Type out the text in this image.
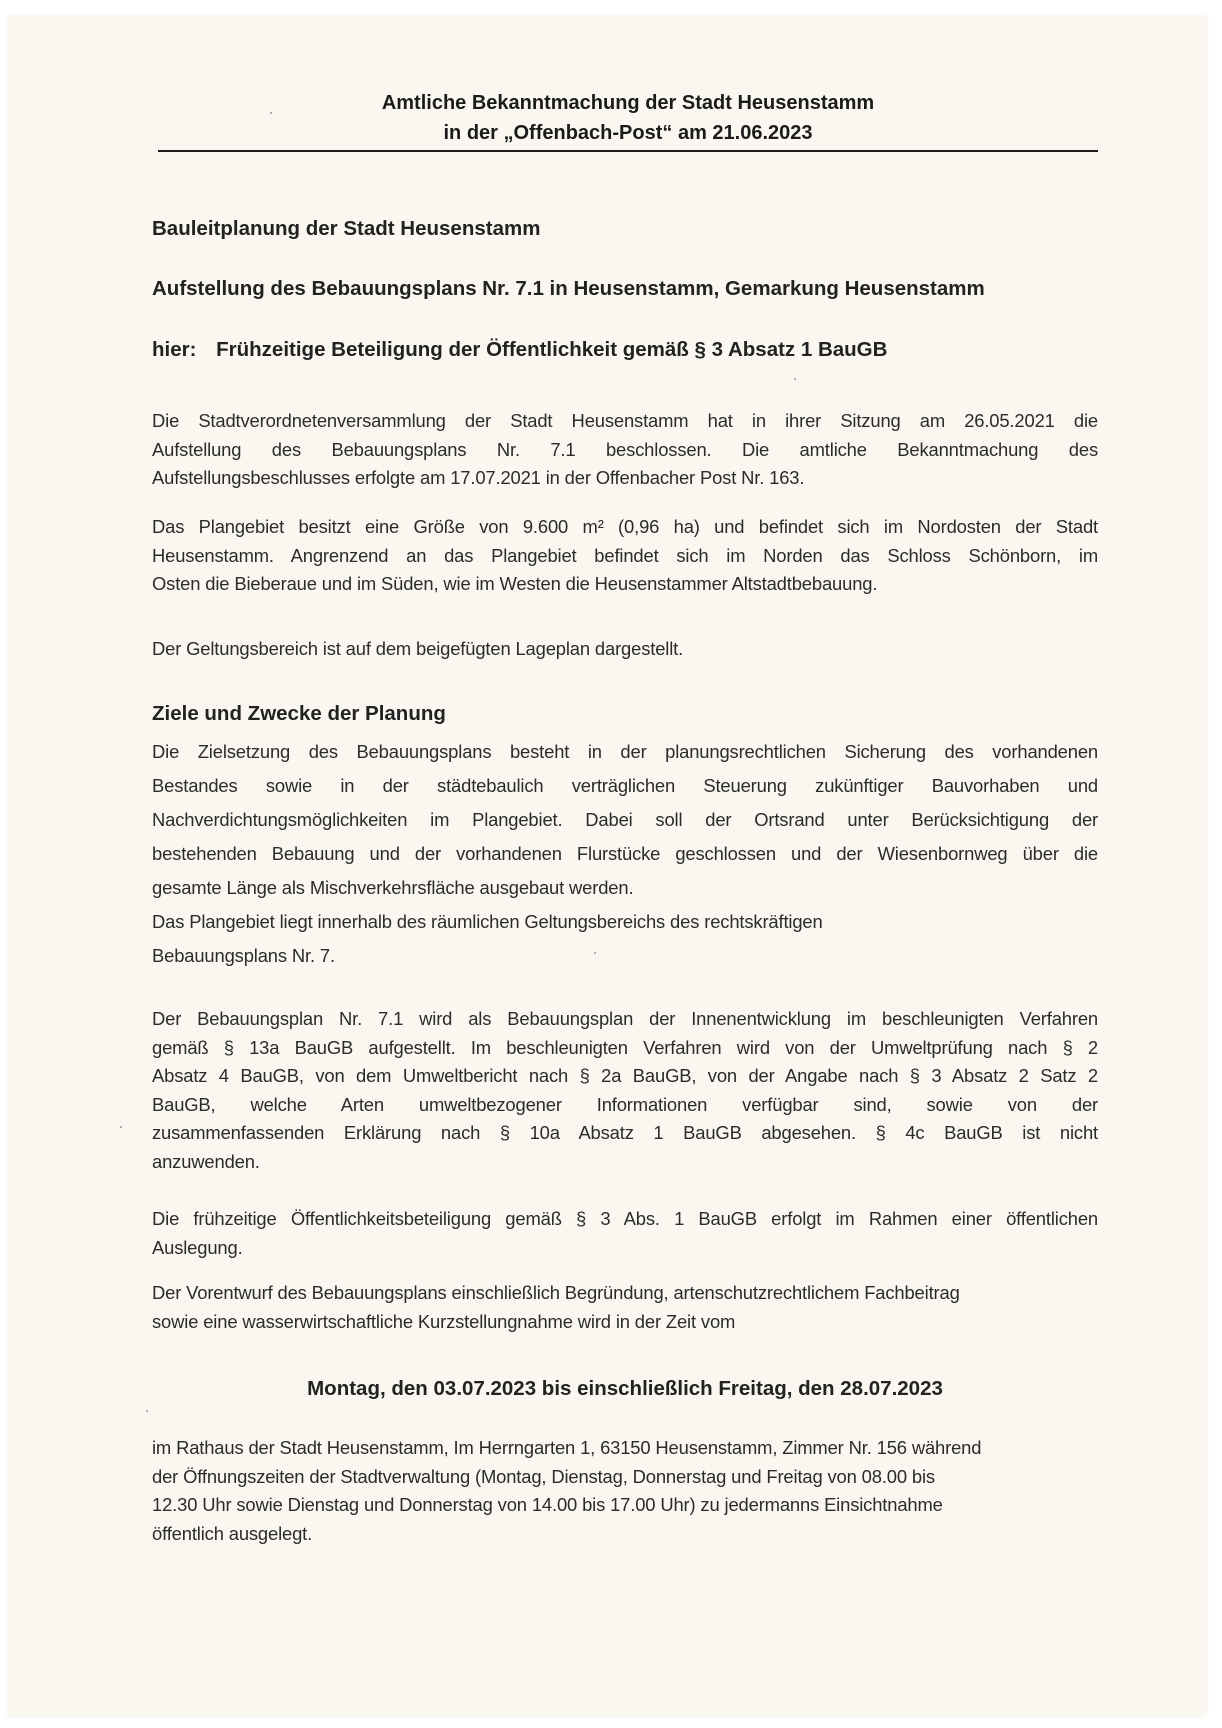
Amtliche Bekanntmachung der Stadt Heusenstamm
in der „Offenbach-Post“ am 21.06.2023
Bauleitplanung der Stadt Heusenstamm
Aufstellung des Bebauungsplans Nr. 7.1 in Heusenstamm, Gemarkung Heusenstamm
hier: Frühzeitige Beteiligung der Öffentlichkeit gemäß § 3 Absatz 1 BauGB
Die Stadtverordnetenversammlung der Stadt Heusenstamm hat in ihrer Sitzung am 26.05.2021 die
Aufstellung des Bebauungsplans Nr. 7.1 beschlossen. Die amtliche Bekanntmachung des
Aufstellungsbeschlusses erfolgte am 17.07.2021 in der Offenbacher Post Nr. 163.
Das Plangebiet besitzt eine Größe von 9.600 m² (0,96 ha) und befindet sich im Nordosten der Stadt
Heusenstamm. Angrenzend an das Plangebiet befindet sich im Norden das Schloss Schönborn, im
Osten die Bieberaue und im Süden, wie im Westen die Heusenstammer Altstadtbebauung.
Der Geltungsbereich ist auf dem beigefügten Lageplan dargestellt.
Ziele und Zwecke der Planung
Die Zielsetzung des Bebauungsplans besteht in der planungsrechtlichen Sicherung des vorhandenen
Bestandes sowie in der städtebaulich verträglichen Steuerung zukünftiger Bauvorhaben und
Nachverdichtungsmöglichkeiten im Plangebiet. Dabei soll der Ortsrand unter Berücksichtigung der
bestehenden Bebauung und der vorhandenen Flurstücke geschlossen und der Wiesenbornweg über die
gesamte Länge als Mischverkehrsfläche ausgebaut werden.
Das Plangebiet liegt innerhalb des räumlichen Geltungsbereichs des rechtskräftigen
Bebauungsplans Nr. 7.
Der Bebauungsplan Nr. 7.1 wird als Bebauungsplan der Innenentwicklung im beschleunigten Verfahren
gemäß § 13a BauGB aufgestellt. Im beschleunigten Verfahren wird von der Umweltprüfung nach § 2
Absatz 4 BauGB, von dem Umweltbericht nach § 2a BauGB, von der Angabe nach § 3 Absatz 2 Satz 2
BauGB, welche Arten umweltbezogener Informationen verfügbar sind, sowie von der
zusammenfassenden Erklärung nach § 10a Absatz 1 BauGB abgesehen. § 4c BauGB ist nicht
anzuwenden.
Die frühzeitige Öffentlichkeitsbeteiligung gemäß § 3 Abs. 1 BauGB erfolgt im Rahmen einer öffentlichen
Auslegung.
Der Vorentwurf des Bebauungsplans einschließlich Begründung, artenschutzrechtlichem Fachbeitrag
sowie eine wasserwirtschaftliche Kurzstellungnahme wird in der Zeit vom
Montag, den 03.07.2023 bis einschließlich Freitag, den 28.07.2023
im Rathaus der Stadt Heusenstamm, Im Herrngarten 1, 63150 Heusenstamm, Zimmer Nr. 156 während
der Öffnungszeiten der Stadtverwaltung (Montag, Dienstag, Donnerstag und Freitag von 08.00 bis
12.30 Uhr sowie Dienstag und Donnerstag von 14.00 bis 17.00 Uhr) zu jedermanns Einsichtnahme
öffentlich ausgelegt.
